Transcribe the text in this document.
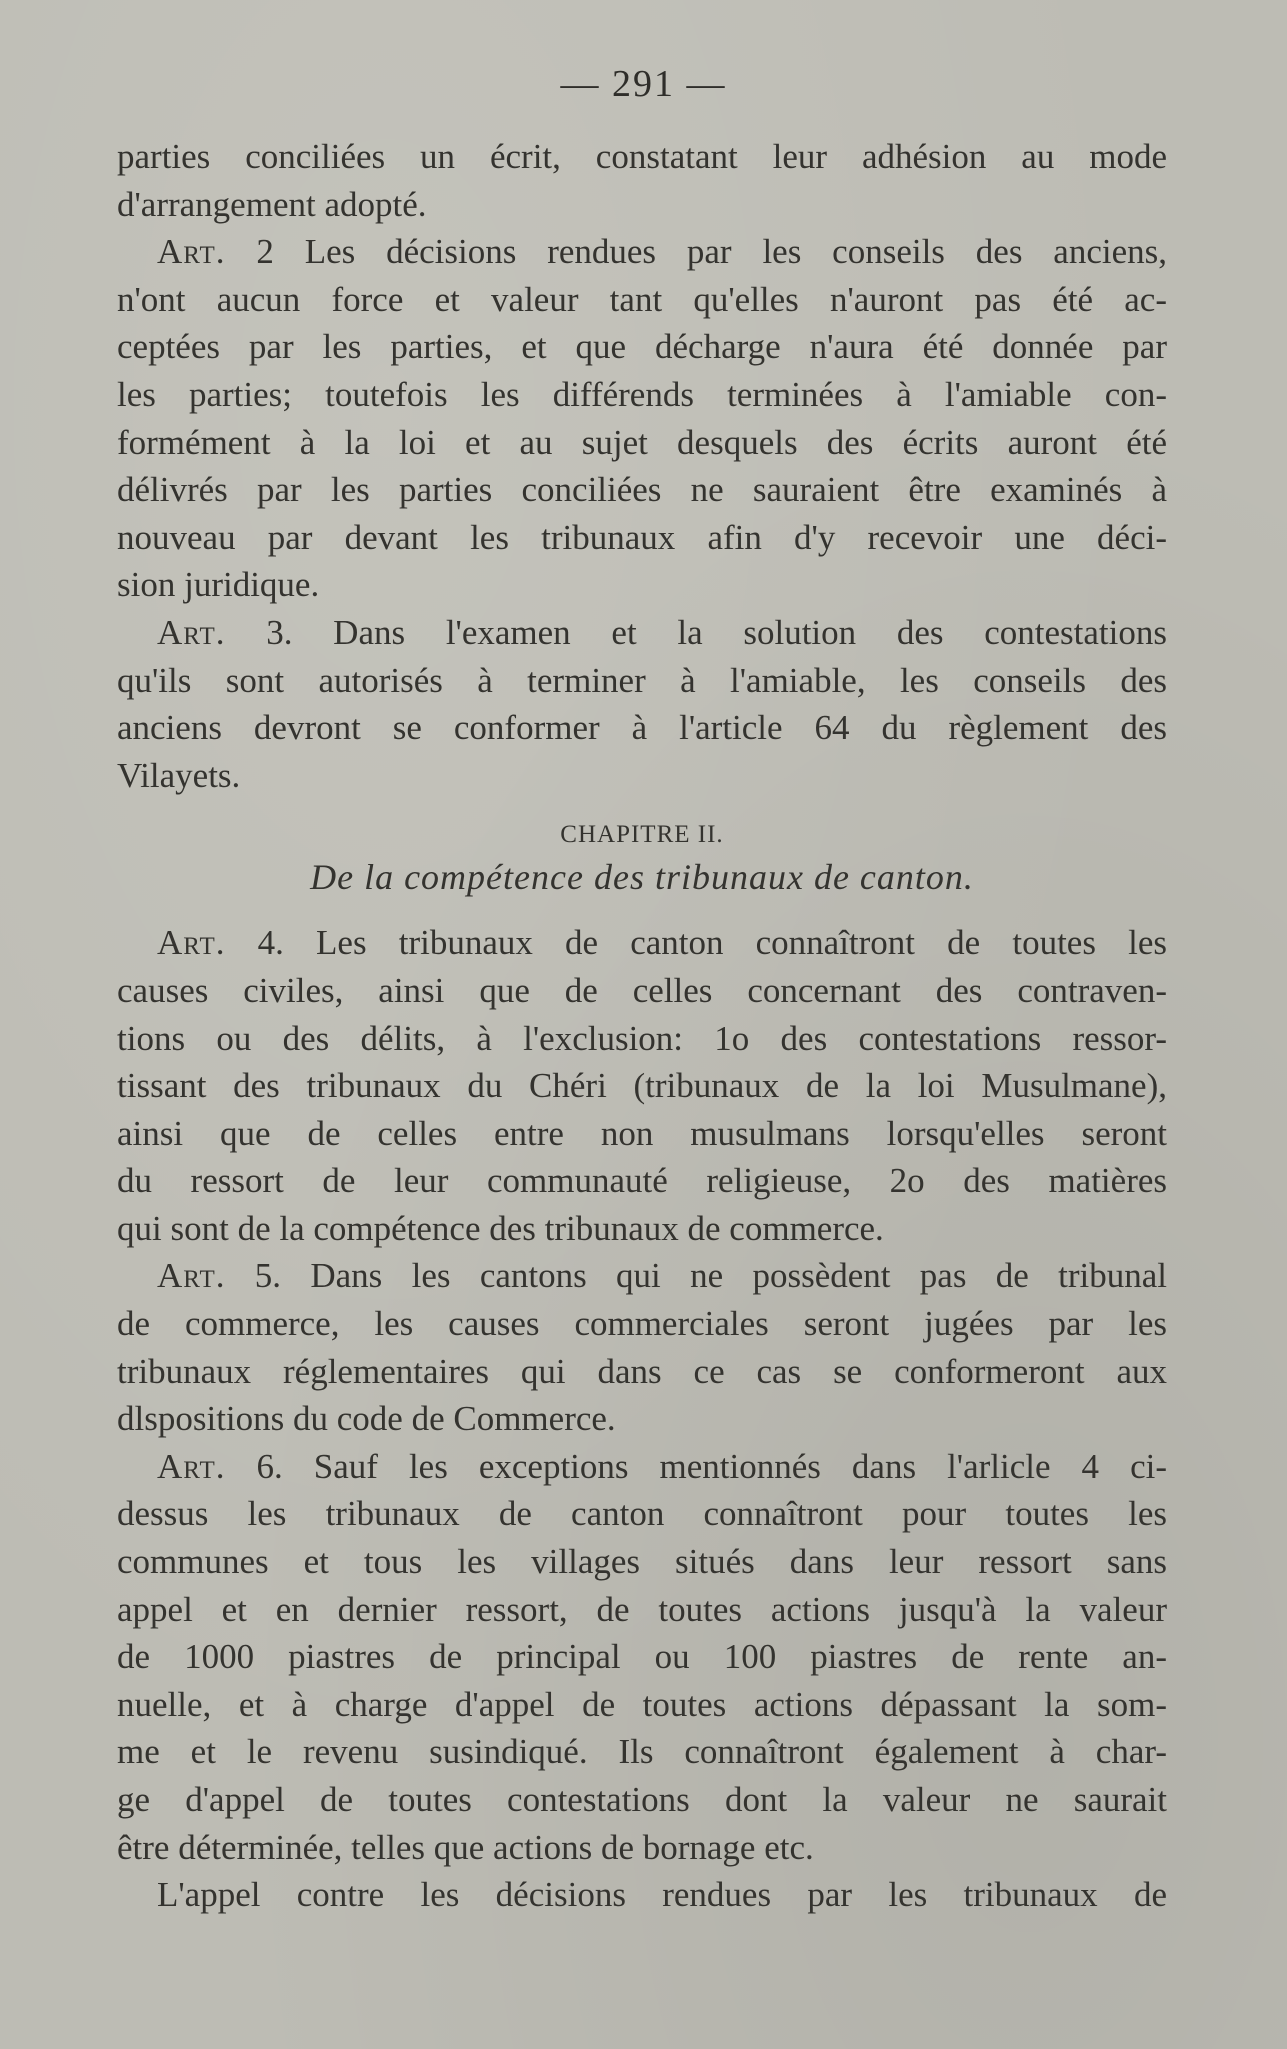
— 291 —

parties conciliées un écrit, constatant leur adhésion au mode
d'arrangement adopté.

Art. 2 Les décisions rendues par les conseils des anciens,
n'ont aucun force et valeur tant qu'elles n'auront pas été ac-
ceptées par les parties, et que décharge n'aura été donnée par
les parties; toutefois les différends terminées à l'amiable con-
formément à la loi et au sujet desquels des écrits auront été
délivrés par les parties conciliées ne sauraient être examinés à
nouveau par devant les tribunaux afin d'y recevoir une déci-
sion juridique.

Art. 3. Dans l'examen et la solution des contestations
qu'ils sont autorisés à terminer à l'amiable, les conseils des
anciens devront se conformer à l'article 64 du règlement des
Vilayets.

CHAPITRE II.
De la compétence des tribunaux de canton.

Art. 4. Les tribunaux de canton connaîtront de toutes les
causes civiles, ainsi que de celles concernant des contraven-
tions ou des délits, à l'exclusion: 1o des contestations ressor-
tissant des tribunaux du Chéri (tribunaux de la loi Musulmane),
ainsi que de celles entre non musulmans lorsqu'elles seront
du ressort de leur communauté religieuse, 2o des matières
qui sont de la compétence des tribunaux de commerce.

Art. 5. Dans les cantons qui ne possèdent pas de tribunal
de commerce, les causes commerciales seront jugées par les
tribunaux réglementaires qui dans ce cas se conformeront aux
dlspositions du code de Commerce.

Art. 6. Sauf les exceptions mentionnés dans l'arlicle 4 ci-
dessus les tribunaux de canton connaîtront pour toutes les
communes et tous les villages situés dans leur ressort sans
appel et en dernier ressort, de toutes actions jusqu'à la valeur
de 1000 piastres de principal ou 100 piastres de rente an-
nuelle, et à charge d'appel de toutes actions dépassant la som-
me et le revenu susindiqué. Ils connaîtront également à char-
ge d'appel de toutes contestations dont la valeur ne saurait
être déterminée, telles que actions de bornage etc.

L'appel contre les décisions rendues par les tribunaux de
